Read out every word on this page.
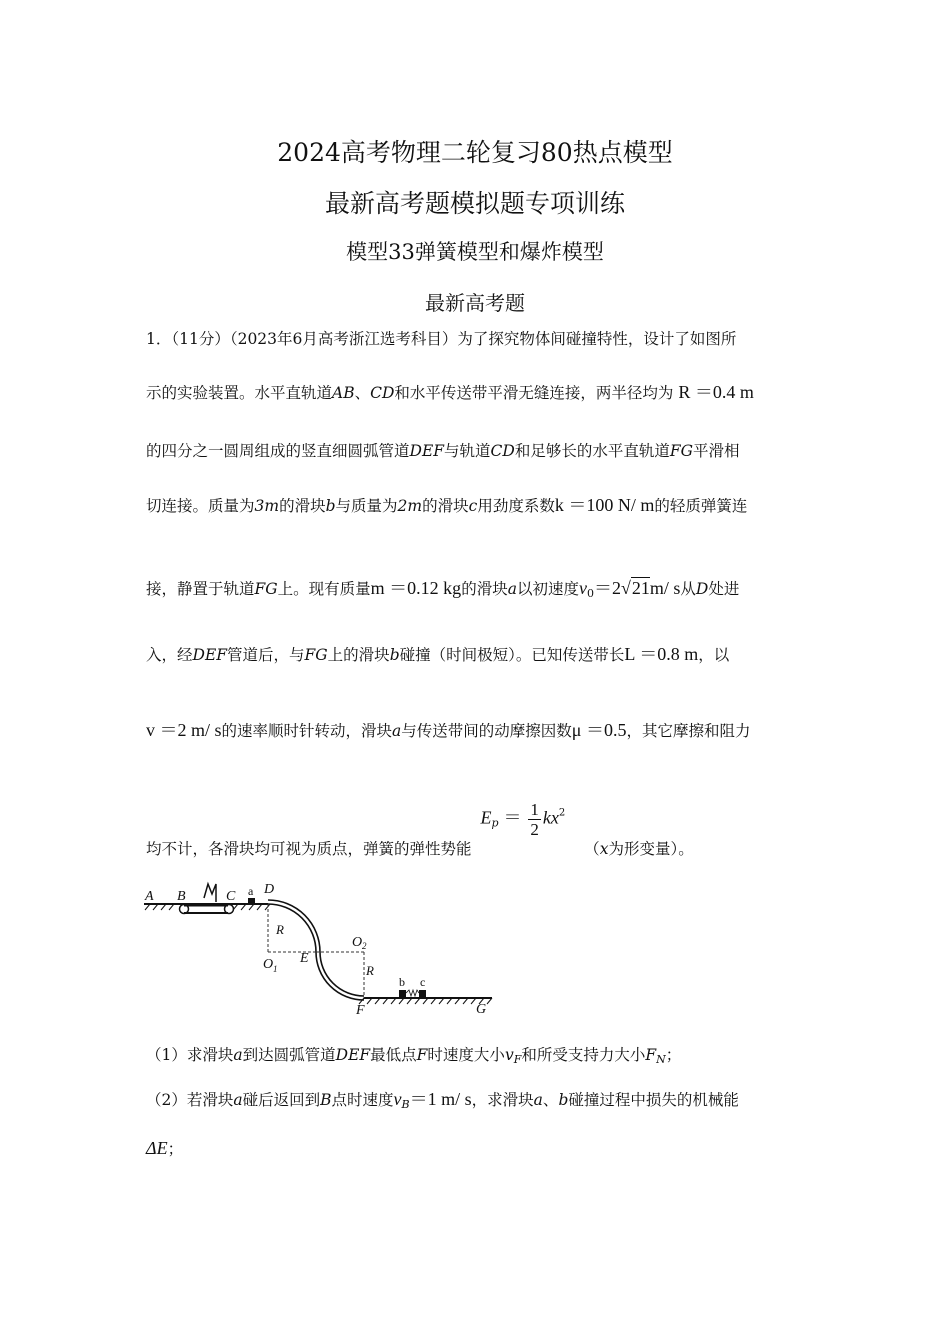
2024高考物理二轮复习80热点模型
最新高考题模拟题专项训练
模型33弹簧模型和爆炸模型
最新高考题
1．（11分）（2023年6月高考浙江选考科目）为了探究物体间碰撞特性，设计了如图所
示的实验装置。水平直轨道AB、CD和水平传送带平滑无缝连接，两半径均为 R ＝0.4 m
的四分之一圆周组成的竖直细圆弧管道DEF与轨道CD和足够长的水平直轨道FG平滑相
切连接。质量为3m的滑块b与质量为2m的滑块c用劲度系数k ＝100 N/ m的轻质弹簧连
接，静置于轨道FG上。现有质量m ＝0.12 kg的滑块a以初速度$v_0=2√21m/$ s从D处进
入，经DEF管道后，与FG上的滑块b碰撞（时间极短）。已知传送带长L ＝0.8 m，以
v ＝2 m/ s的速率顺时针转动，滑块a与传送带间的动摩擦因数μ ＝0.5，其它摩擦和阻力
均不计，各滑块均可视为质点，弹簧的弹性势能 $E_p = \frac{1}{2} kx^2$ （x为形变量）。
A B	C a D
R
O 1
E
O 2
R
b c
F	G
（1）求滑块a到达圆弧管道DEF最低点F时速度大小$v_F$和所受支持力大小$F_N$；
（2）若滑块a碰后返回到B点时速度$v_B=1$ m/ s，求滑块a、b碰撞过程中损失的机械能
ΔE；
